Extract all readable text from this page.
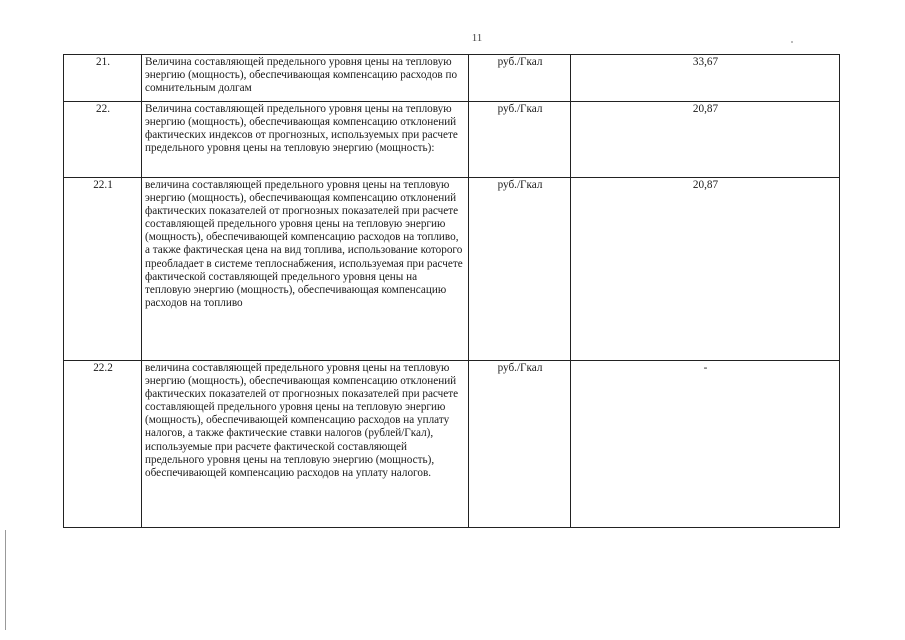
11
21.	Величина составляющей предельного уровня цены на тепловую энергию (мощность), обеспечивающая компенсацию расходов по сомнительным долгам	руб./Гкал	33,67
22.	Величина составляющей предельного уровня цены на тепловую энергию (мощность), обеспечивающая компенсацию отклонений фактических индексов от прогнозных, используемых при расчете предельного уровня цены на тепловую энергию (мощность):	руб./Гкал	20,87
22.1	величина составляющей предельного уровня цены на тепловую энергию (мощность), обеспечивающая компенсацию отклонений фактических показателей от прогнозных показателей при расчете составляющей предельного уровня цены на тепловую энергию (мощность), обеспечивающей компенсацию расходов на топливо, а также фактическая цена на вид топлива, использование которого преобладает в системе теплоснабжения, используемая при расчете фактической составляющей предельного уровня цены на тепловую энергию (мощность), обеспечивающая компенсацию расходов на топливо	руб./Гкал	20,87
22.2	величина составляющей предельного уровня цены на тепловую энергию (мощность), обеспечивающая компенсацию отклонений фактических показателей от прогнозных показателей при расчете составляющей предельного уровня цены на тепловую энергию (мощность), обеспечивающей компенсацию расходов на уплату налогов, а также фактические ставки налогов (рублей/Гкал), используемые при расчете фактической составляющей предельного уровня цены на тепловую энергию (мощность), обеспечивающей компенсацию расходов на уплату налогов.	руб./Гкал	-
